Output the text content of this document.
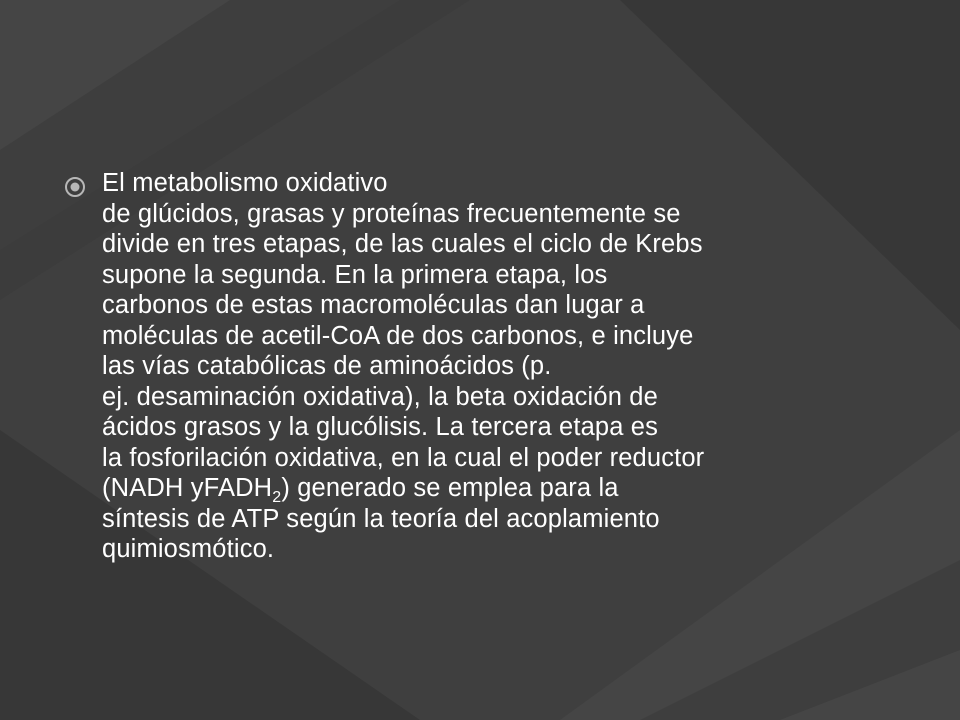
El metabolismo oxidativo
de glúcidos, grasas y proteínas frecuentemente se
divide en tres etapas, de las cuales el ciclo de Krebs
supone la segunda. En la primera etapa, los
carbonos de estas macromoléculas dan lugar a
moléculas de acetil-CoA de dos carbonos, e incluye
las vías catabólicas de aminoácidos (p.
ej. desaminación oxidativa), la beta oxidación de
ácidos grasos y la glucólisis. La tercera etapa es
la fosforilación oxidativa, en la cual el poder reductor
(NADH yFADH$_2$) generado se emplea para la
síntesis de ATP según la teoría del acoplamiento
quimiosmótico.
